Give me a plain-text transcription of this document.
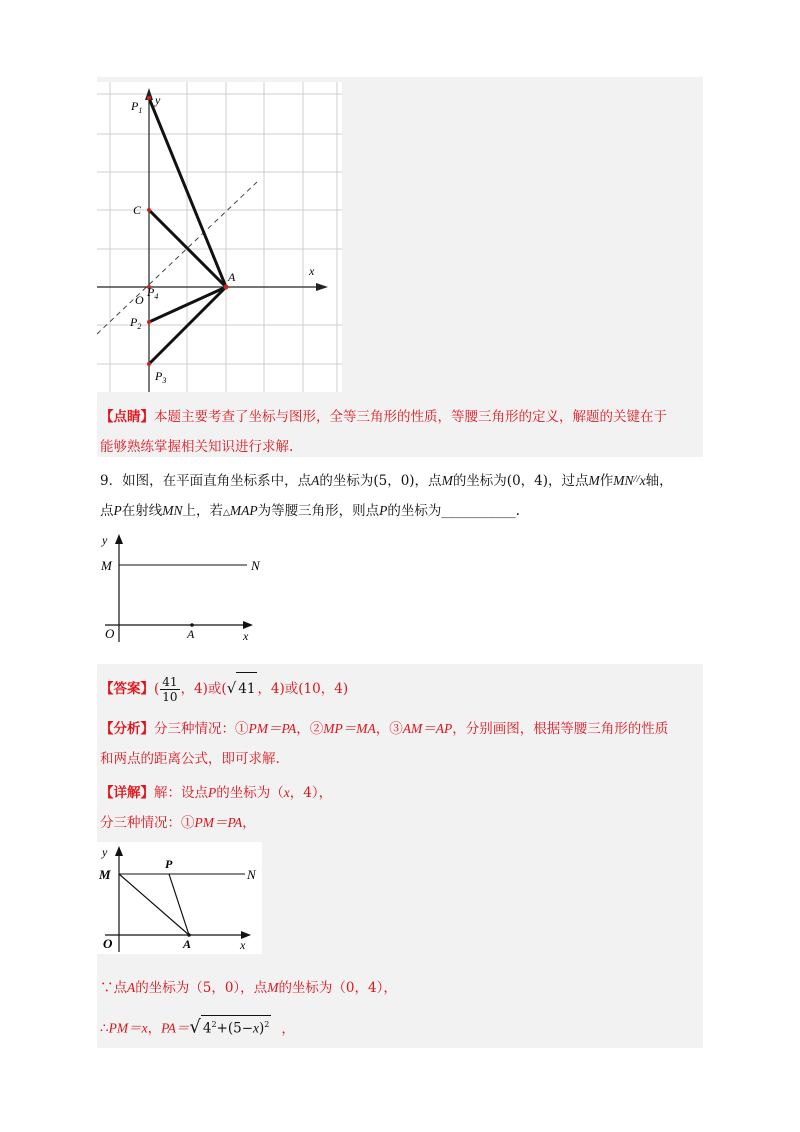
y
$P_1$
C
A	x
O
$P_4$
$P_2$
$P_3$
【点睛】本题主要考查了坐标与图形，全等三角形的性质，等腰三角形的定义，解题的关键在于
能够熟练掌握相关知识进行求解.
9．如图，在平面直角坐标系中，点A的坐标为(5，0)，点M的坐标为(0，4)，过点M作MN//x轴，
点P在射线MN上，若△MAP为等腰三角形，则点P的坐标为___________.
y
M	N
O	A	x
【答案】( $\frac{41}{10}$ ，4)或(√ 41 ，4)或(10，4)
【分析】分三种情况：①PM＝PA，②MP＝MA，③AM＝AP，分别画图，根据等腰三角形的性质
和两点的距离公式，即可求解.
【详解】解：设点P的坐标为（x，4），
分三种情况：①PM＝PA，
y
P
M	N
O	A	x
∵点A的坐标为（5，0），点M的坐标为（0，4），
∴PM＝x，PA＝√ $4^2+(5-x)^2$ ，
